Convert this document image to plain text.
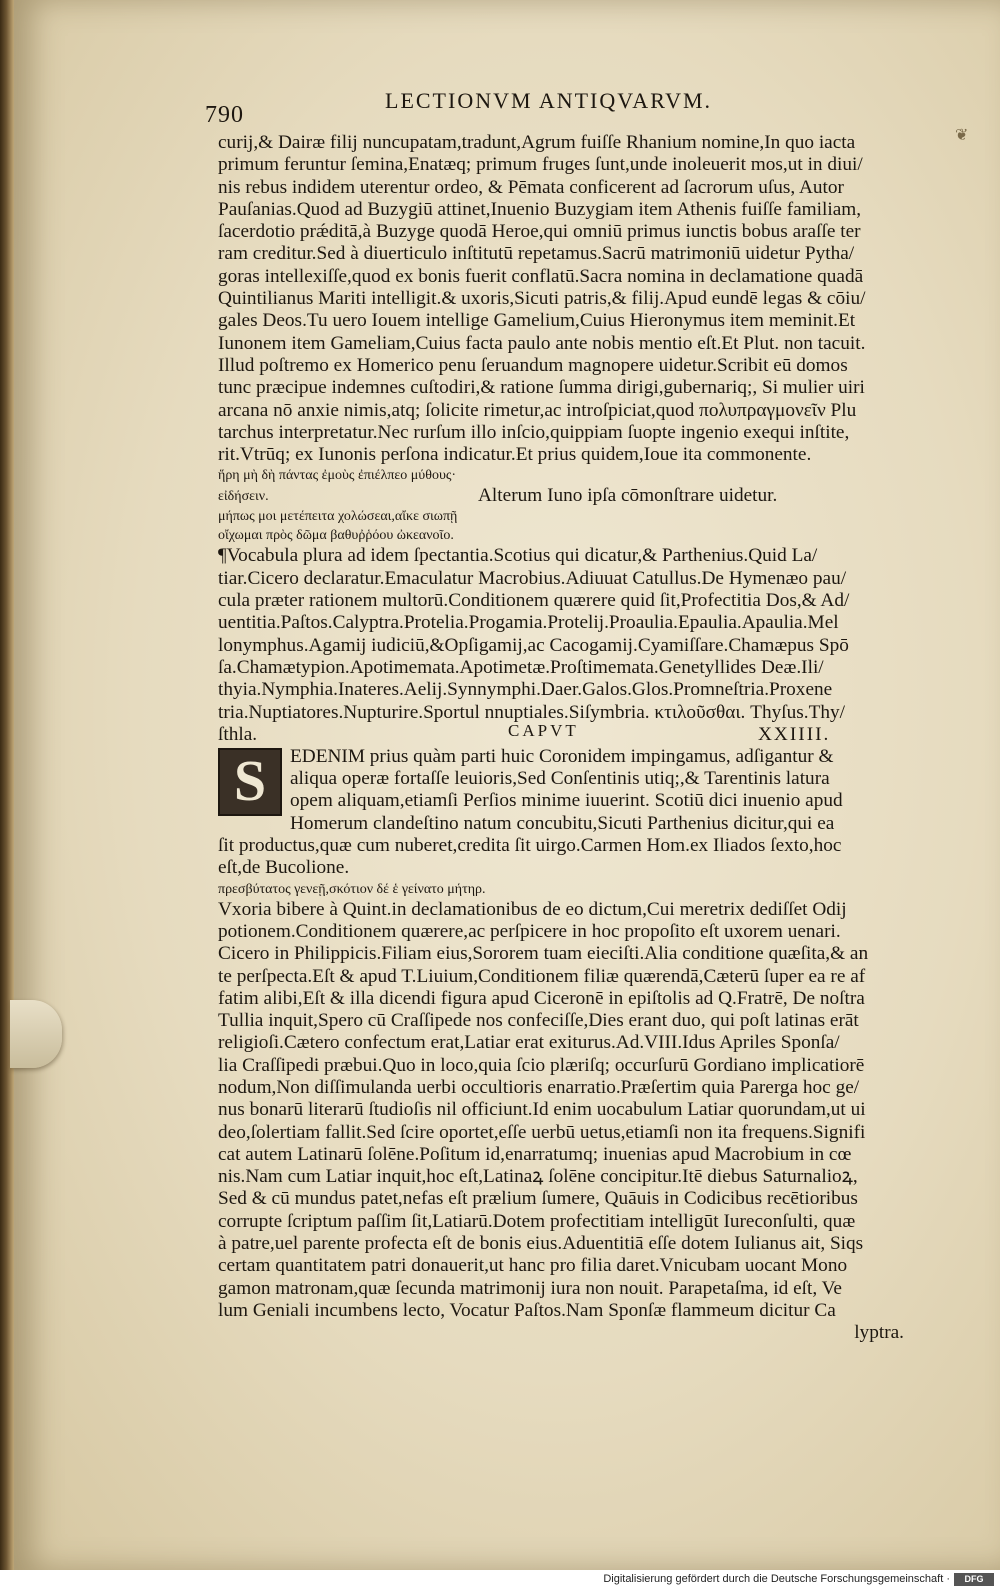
❦
790
LECTIONVM ANTIQVARVM.
curij,& Dairæ filij nuncupatam,tradunt,Agrum fuiſſe Rhanium nomine,In quo iacta
primum feruntur ſemina,Enatæq; primum fruges ſunt,unde inoleuerit mos,ut in diui/
nis rebus indidem uterentur ordeo, & Pēmata conficerent ad ſacrorum uſus, Autor
Pauſanias.Quod ad Buzygiū attinet,Inuenio Buzygiam item Athenis fuiſſe familiam,
ſacerdotio prǽditā,à Buzyge quodā Heroe,qui omniū primus iunctis bobus araſſe ter
ram creditur.Sed à diuerticulo inſtitutū repetamus.Sacrū matrimoniū uidetur Pytha/
goras intellexiſſe,quod ex bonis fuerit conflatū.Sacra nomina in declamatione quadā
Quintilianus Mariti intelligit.& uxoris,Sicuti patris,& filij.Apud eundē legas & cōiu/
gales Deos.Tu uero Iouem intellige Gamelium,Cuius Hieronymus item meminit.Et
Iunonem item Gameliam,Cuius facta paulo ante nobis mentio eſt.Et Plut. non tacuit.
Illud poſtremo ex Homerico penu ſeruandum magnopere uidetur.Scribit eū domos
tunc præcipue indemnes cuſtodiri,& ratione ſumma dirigi,gubernariq;, Si mulier uiri
arcana nō anxie nimis,atq; ſolicite rimetur,ac introſpiciat,quod πολυπραγμονεῖν Plu
tarchus interpretatur.Nec rurſum illo inſcio,quippiam ſuopte ingenio exequi inſtite,
rit.Vtrūq; ex Iunonis perſona indicatur.Et prius quidem,Ioue ita commonente.
ἥρη μὴ δὴ πάντας ἐμοὺς ἐπιέλπεο μύθους·
εἰδήσειν.	Alterum Iuno ipſa cōmonſtrare uidetur.
μήπως μοι μετέπειτα χολώσεαι,αἴκε σιωπῇ
οἴχωμαι πρὸς δῶμα βαθυῤῥόου ὠκεανοῖο.
¶Vocabula plura ad idem ſpectantia.Scotius qui dicatur,& Parthenius.Quid La/
tiar.Cicero declaratur.Emaculatur Macrobius.Adiuuat Catullus.De Hymenæo pau/
cula præter rationem multorū.Conditionem quærere quid ſit,Profectitia Dos,& Ad/
uentitia.Paſtos.Calyptra.Protelia.Progamia.Protelij.Proaulia.Epaulia.Apaulia.Mel
lonymphus.Agamij iudiciū,&Opſigamij,ac Cacogamij.Cyamiſſare.Chamæpus Spō
ſa.Chamætypion.Apotimemata.Apotimetæ.Proſtimemata.Genetyllides Deæ.Ili/
thyia.Nymphia.Inateres.Aelij.Synnymphi.Daer.Galos.Glos.Promneſtria.Proxene
tria.Nuptiatores.Nupturire.Sportul nnuptiales.Siſymbria. κτιλοῦσθαι. Thyſus.Thy/
ſthla.	CAPVT	XXIIII.
S	EDENIM prius quàm parti huic Coronidem impingamus, adſigantur &
aliqua operæ fortaſſe leuioris,Sed Conſentinis utiq;,& Tarentinis latura
opem aliquam,etiamſi Perſios minime iuuerint. Scotiū dici inuenio apud
Homerum clandeſtino natum concubitu,Sicuti Parthenius dicitur,qui ea
ſit productus,quæ cum nuberet,credita ſit uirgo.Carmen Hom.ex Iliados ſexto,hoc
eſt,de Bucolione.
πρεσβύτατος γενεῇ,σκότιον δέ ἑ γείνατο μήτηρ.
Vxoria bibere à Quint.in declamationibus de eo dictum,Cui meretrix dediſſet Odij
potionem.Conditionem quærere,ac perſpicere in hoc propoſito eſt uxorem uenari.
Cicero in Philippicis.Filiam eius,Sororem tuam eieciſti.Alia conditione quæſita,& an
te perſpecta.Eſt & apud T.Liuium,Conditionem filiæ quærendā,Cæterū ſuper ea re af
fatim alibi,Eſt & illa dicendi figura apud Ciceronē in epiſtolis ad Q.Fratrē, De noſtra
Tullia inquit,Spero cū Craſſipede nos confeciſſe,Dies erant duo, qui poſt latinas erāt
religioſi.Cætero confectum erat,Latiar erat exiturus.Ad.VIII.Idus Apriles Sponſa/
lia Craſſipedi præbui.Quo in loco,quia ſcio plæriſq; occurſurū Gordiano implicatiorē
nodum,Non diſſimulanda uerbi occultioris enarratio.Præſertim quia Parerga hoc ge/
nus bonarū literarū ſtudioſis nil officiunt.Id enim uocabulum Latiar quorundam,ut ui
deo,ſolertiam fallit.Sed ſcire oportet,eſſe uerbū uetus,etiamſi non ita frequens.Signifi
cat autem Latinarū ſolēne.Poſitum id,enarratumq; inuenias apud Macrobium in cœ
nis.Nam cum Latiar inquit,hoc eſt,Latinaꝝ ſolēne concipitur.Itē diebus Saturnalioꝝ,
Sed & cū mundus patet,nefas eſt prælium ſumere, Quāuis in Codicibus recētioribus
corrupte ſcriptum paſſim ſit,Latiarū.Dotem profectitiam intelligūt Iureconſulti, quæ
à patre,uel parente profecta eſt de bonis eius.Aduentitiā eſſe dotem Iulianus ait, Siqs
certam quantitatem patri donauerit,ut hanc pro filia daret.Vnicubam uocant Mono
gamon matronam,quæ ſecunda matrimonij iura non nouit. Parapetaſma, id eſt, Ve
lum Geniali incumbens lecto, Vocatur Paſtos.Nam Sponſæ flammeum dicitur Ca
lyptra.
Digitalisierung gefördert durch die Deutsche Forschungsgemeinschaft ·	DFG
